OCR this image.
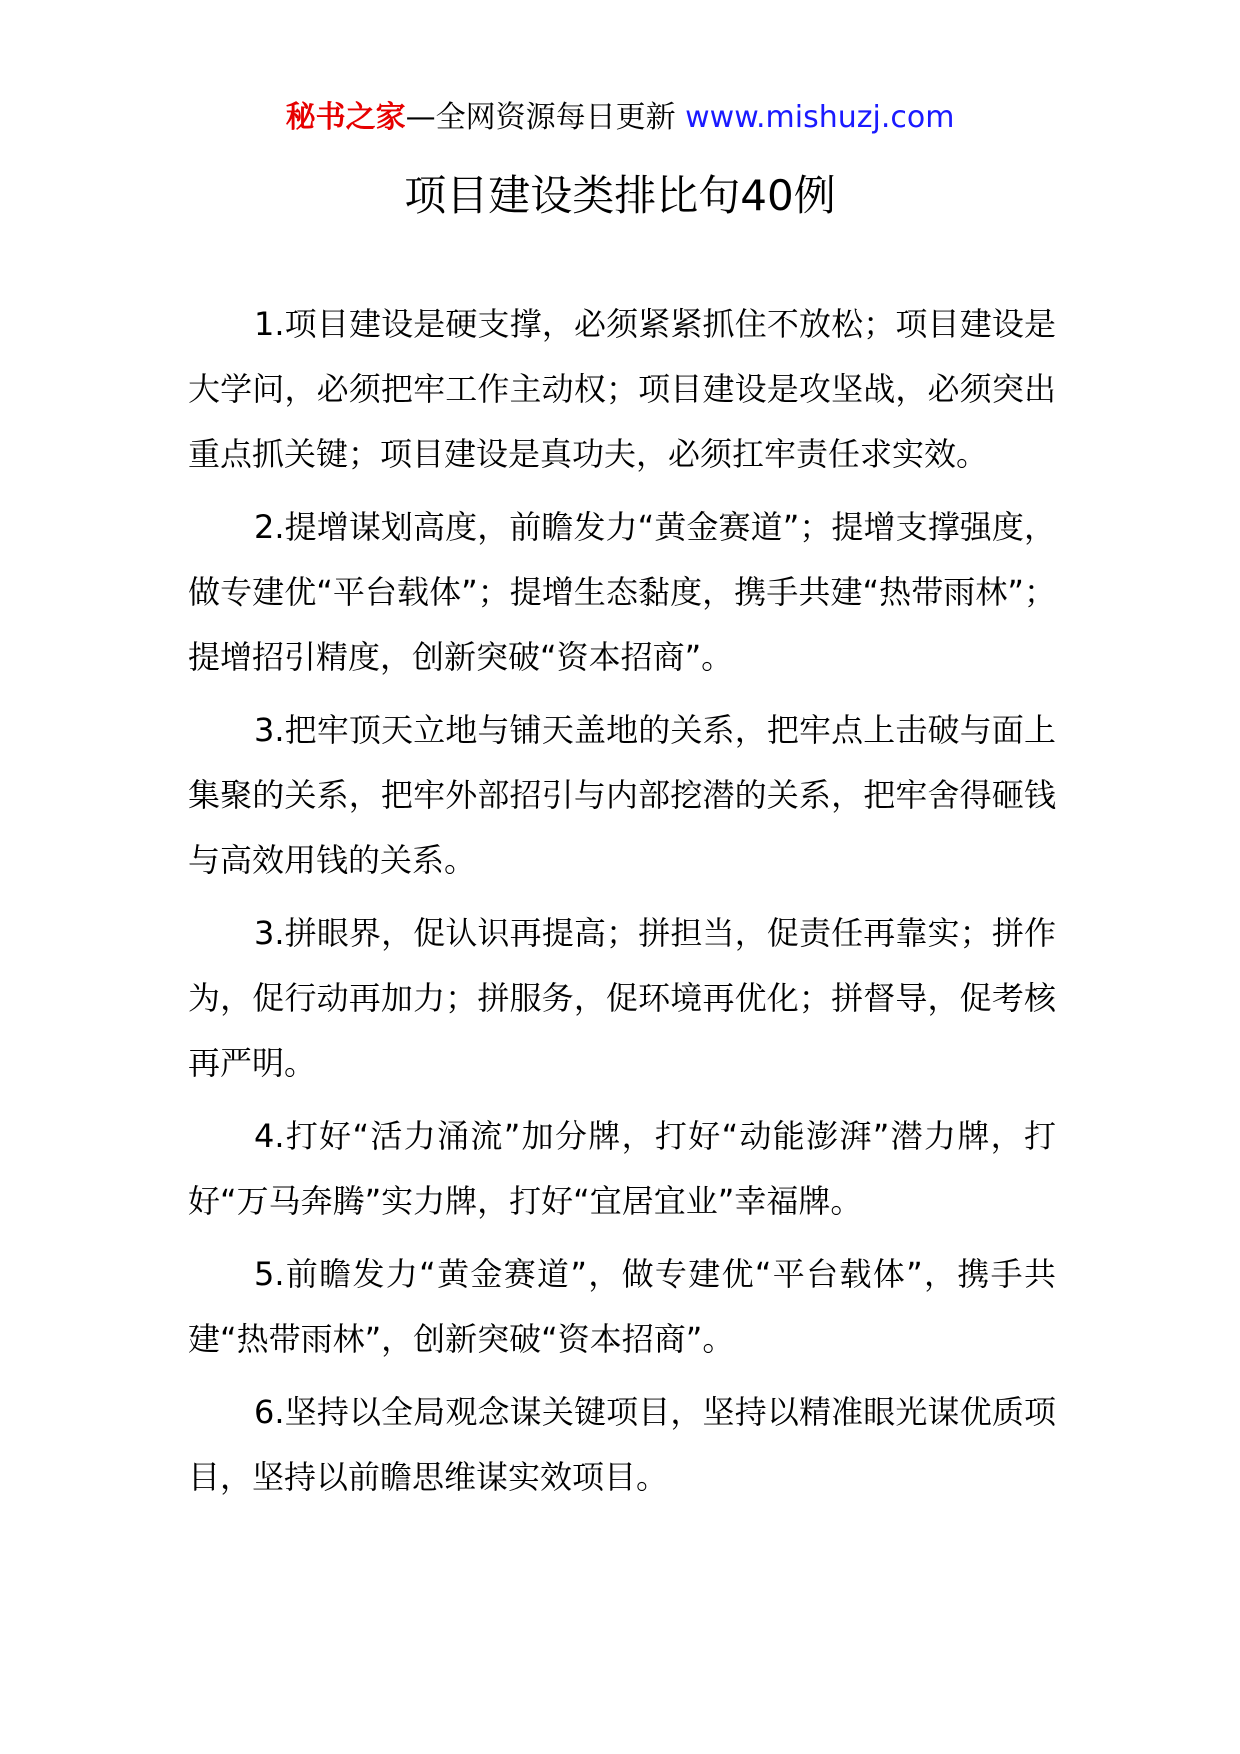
秘书之家—全网资源每日更新 www.mishuzj.com
项目建设类排比句40例

1.项目建设是硬支撑，必须紧紧抓住不放松；项目建设是大学问，必须把牢工作主动权；项目建设是攻坚战，必须突出重点抓关键；项目建设是真功夫，必须扛牢责任求实效。

2.提增谋划高度，前瞻发力“黄金赛道”；提增支撑强度，做专建优“平台载体”；提增生态黏度，携手共建“热带雨林”；提增招引精度，创新突破“资本招商”。

3.把牢顶天立地与铺天盖地的关系，把牢点上击破与面上集聚的关系，把牢外部招引与内部挖潜的关系，把牢舍得砸钱与高效用钱的关系。

3.拼眼界，促认识再提高；拼担当，促责任再靠实；拼作为，促行动再加力；拼服务，促环境再优化；拼督导，促考核再严明。

4.打好“活力涌流”加分牌，打好“动能澎湃”潜力牌，打好“万马奔腾”实力牌，打好“宜居宜业”幸福牌。

5.前瞻发力“黄金赛道”，做专建优“平台载体”，携手共建“热带雨林”，创新突破“资本招商”。

6.坚持以全局观念谋关键项目，坚持以精准眼光谋优质项目，坚持以前瞻思维谋实效项目。
